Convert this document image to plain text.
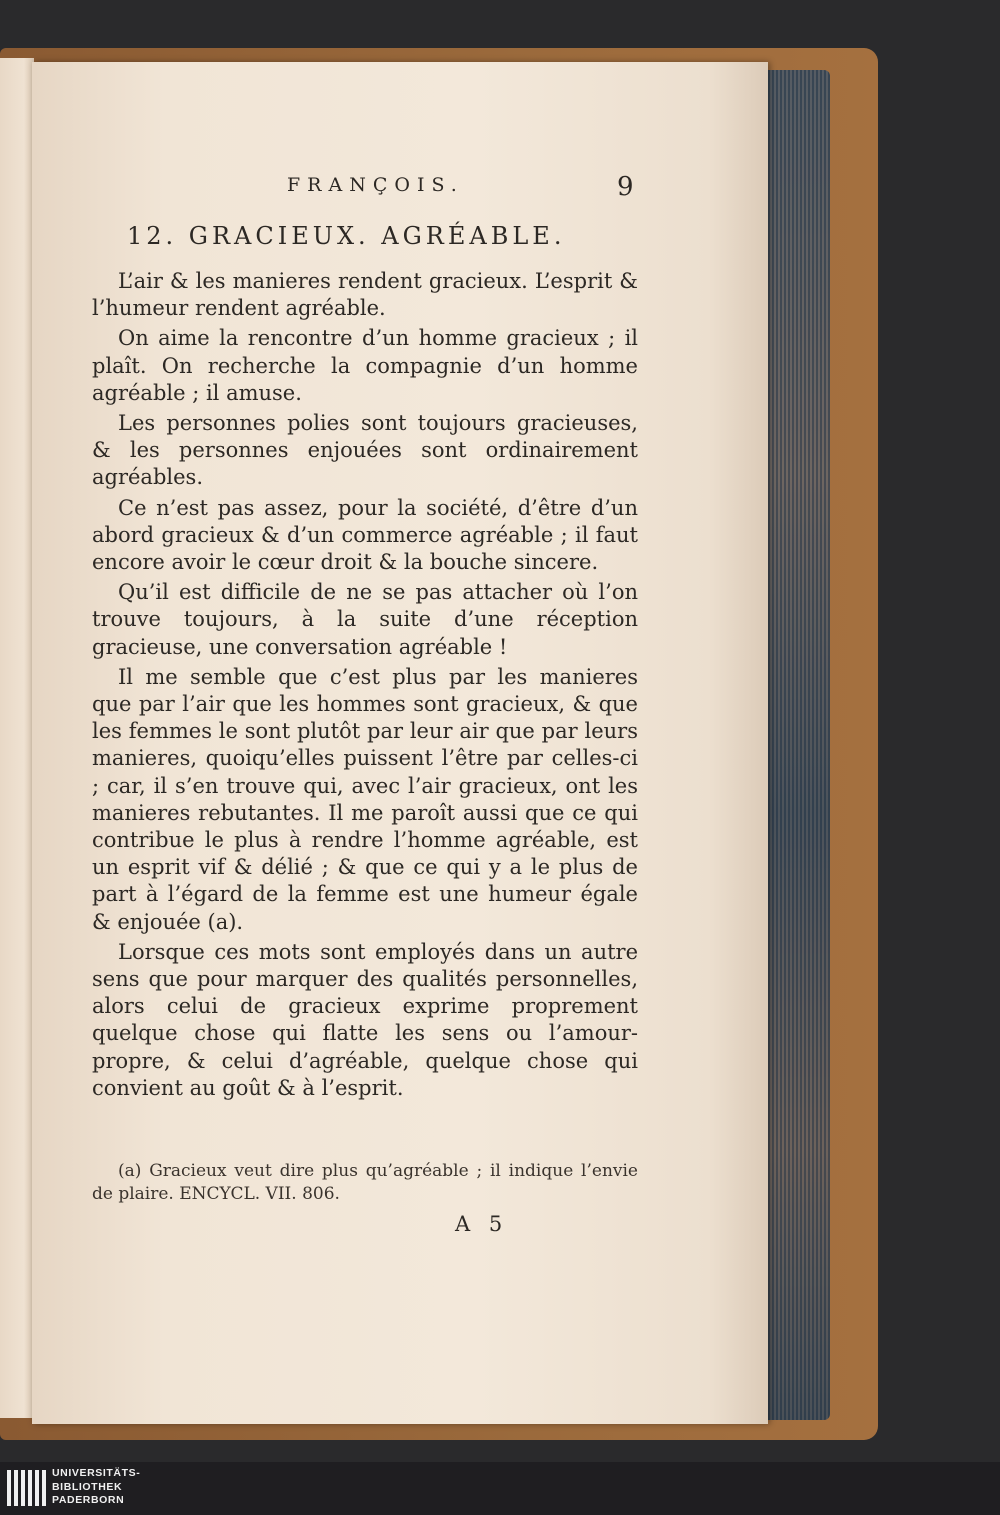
FRANÇOIS.	9
12. GRACIEUX. AGRÉABLE.

L’air & les manieres rendent gracieux. L’esprit & l’humeur rendent agréable.

On aime la rencontre d’un homme gracieux ; il plaît. On recherche la compagnie d’un homme agréable ; il amuse.

Les personnes polies sont toujours gracieuses, & les personnes enjouées sont ordinairement agréables.

Ce n’est pas assez, pour la société, d’être d’un abord gracieux & d’un commerce agréable ; il faut encore avoir le cœur droit & la bouche sincere.

Qu’il est difficile de ne se pas attacher où l’on trouve toujours, à la suite d’une réception gracieuse, une conversation agréable !

Il me semble que c’est plus par les manieres que par l’air que les hommes sont gracieux, & que les femmes le sont plutôt par leur air que par leurs manieres, quoiqu’elles puissent l’être par celles-ci ; car, il s’en trouve qui, avec l’air gracieux, ont les manieres rebutantes. Il me paroît aussi que ce qui contribue le plus à rendre l’homme agréable, est un esprit vif & délié ; & que ce qui y a le plus de part à l’égard de la femme est une humeur égale & enjouée (a).

Lorsque ces mots sont employés dans un autre sens que pour marquer des qualités personnelles, alors celui de gracieux exprime proprement quelque chose qui flatte les sens ou l’amour-propre, & celui d’agréable, quelque chose qui convient au goût & à l’esprit.

(a) Gracieux veut dire plus qu’agréable ; il indique l’envie de plaire. ENCYCL. VII. 806.
A 5
UNIVERSITÄTS-
BIBLIOTHEK
PADERBORN
